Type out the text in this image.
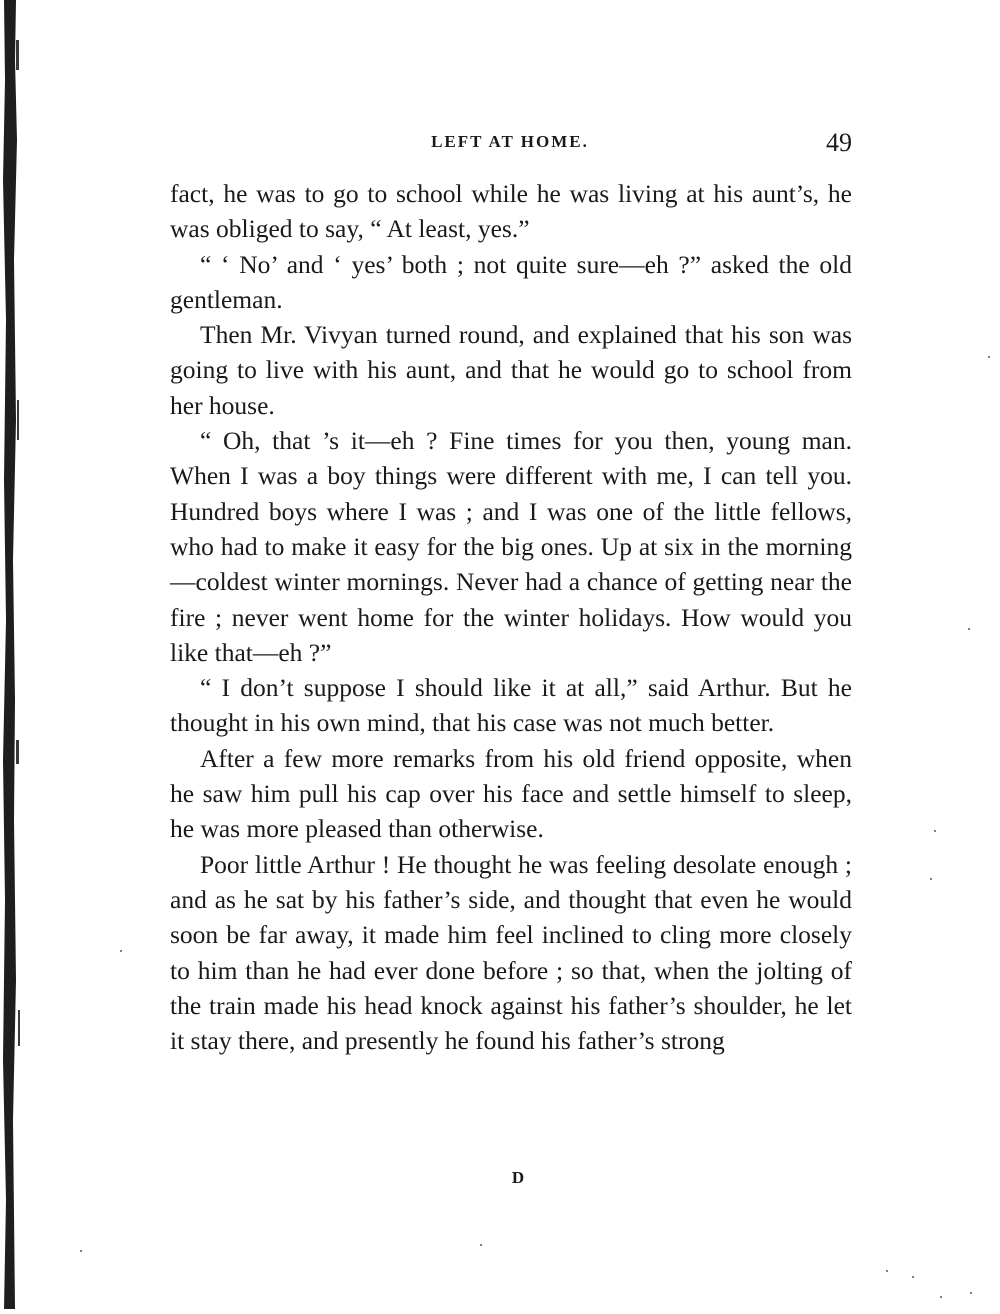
LEFT AT HOME.	49

fact, he was to go to school while he was living at his aunt’s, he was obliged to say, “ At least, yes.”

“ ‘ No’ and ‘ yes’ both ; not quite sure—eh ?” asked the old gentleman.

Then Mr. Vivyan turned round, and explained that his son was going to live with his aunt, and that he would go to school from her house.

“ Oh, that ’s it—eh ? Fine times for you then, young man. When I was a boy things were different with me, I can tell you. Hundred boys where I was ; and I was one of the little fellows, who had to make it easy for the big ones. Up at six in the morning—coldest winter mornings. Never had a chance of getting near the fire ; never went home for the winter holidays. How would you like that—eh ?”

“ I don’t suppose I should like it at all,” said Arthur. But he thought in his own mind, that his case was not much better.

After a few more remarks from his old friend opposite, when he saw him pull his cap over his face and settle himself to sleep, he was more pleased than otherwise.

Poor little Arthur ! He thought he was feeling desolate enough ; and as he sat by his father’s side, and thought that even he would soon be far away, it made him feel inclined to cling more closely to him than he had ever done before ; so that, when the jolting of the train made his head knock against his father’s shoulder, he let it stay there, and presently he found his father’s strong

D
